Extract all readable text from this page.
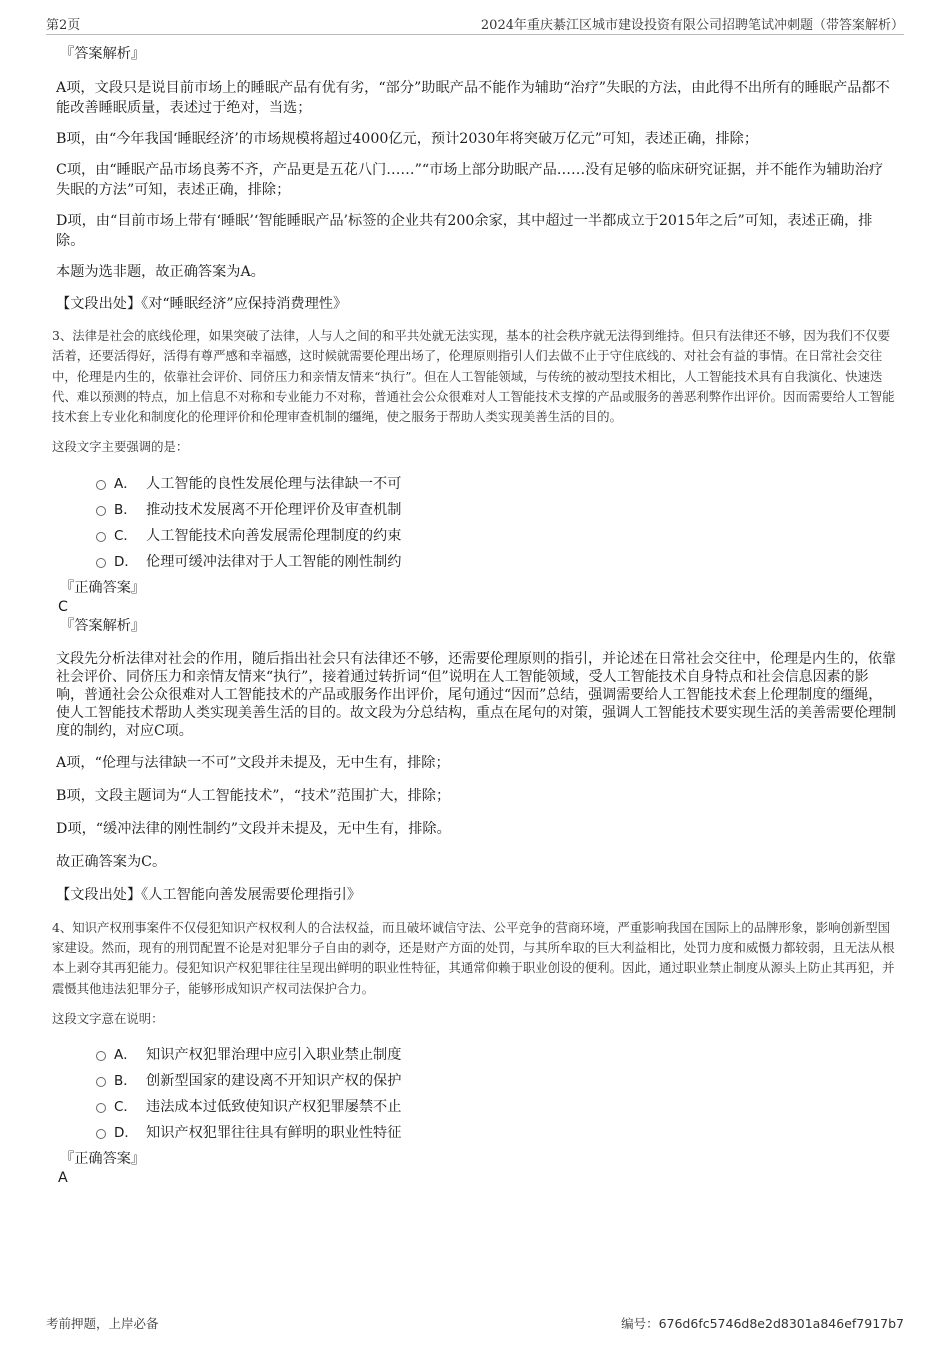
第2页	2024年重庆綦江区城市建设投资有限公司招聘笔试冲刺题（带答案解析）

『答案解析』

A项，文段只是说目前市场上的睡眠产品有优有劣，“部分”助眠产品不能作为辅助“治疗”失眠的方法，由此得不出所有的睡眠产品都不能改善睡眠质量，表述过于绝对，当选；

B项，由“今年我国‘睡眠经济’的市场规模将超过4000亿元，预计2030年将突破万亿元”可知，表述正确，排除；

C项，由“睡眠产品市场良莠不齐，产品更是五花八门……”“市场上部分助眠产品……没有足够的临床研究证据，并不能作为辅助治疗失眠的方法”可知，表述正确，排除；

D项，由“目前市场上带有‘睡眠’‘智能睡眠产品’标签的企业共有200余家，其中超过一半都成立于2015年之后”可知，表述正确，排除。

本题为选非题，故正确答案为A。

【文段出处】《对“睡眠经济”应保持消费理性》

3、法律是社会的底线伦理，如果突破了法律，人与人之间的和平共处就无法实现，基本的社会秩序就无法得到维持。但只有法律还不够，因为我们不仅要活着，还要活得好，活得有尊严感和幸福感，这时候就需要伦理出场了，伦理原则指引人们去做不止于守住底线的、对社会有益的事情。在日常社会交往中，伦理是内生的，依靠社会评价、同侪压力和亲情友情来“执行”。但在人工智能领域，与传统的被动型技术相比，人工智能技术具有自我演化、快速迭代、难以预测的特点，加上信息不对称和专业能力不对称，普通社会公众很难对人工智能技术支撑的产品或服务的善恶利弊作出评价。因而需要给人工智能技术套上专业化和制度化的伦理评价和伦理审查机制的缰绳，使之服务于帮助人类实现美善生活的目的。

这段文字主要强调的是：

A． 人工智能的良性发展伦理与法律缺一不可
B． 推动技术发展离不开伦理评价及审查机制
C． 人工智能技术向善发展需伦理制度的约束
D． 伦理可缓冲法律对于人工智能的刚性制约

『正确答案』

C

『答案解析』

文段先分析法律对社会的作用，随后指出社会只有法律还不够，还需要伦理原则的指引，并论述在日常社会交往中，伦理是内生的，依靠社会评价、同侪压力和亲情友情来“执行”，接着通过转折词“但”说明在人工智能领域，受人工智能技术自身特点和社会信息因素的影响，普通社会公众很难对人工智能技术的产品或服务作出评价，尾句通过“因而”总结，强调需要给人工智能技术套上伦理制度的缰绳，使人工智能技术帮助人类实现美善生活的目的。故文段为分总结构，重点在尾句的对策，强调人工智能技术要实现生活的美善需要伦理制度的制约，对应C项。

A项，“伦理与法律缺一不可”文段并未提及，无中生有，排除；

B项，文段主题词为“人工智能技术”，“技术”范围扩大，排除；

D项，“缓冲法律的刚性制约”文段并未提及，无中生有，排除。

故正确答案为C。

【文段出处】《人工智能向善发展需要伦理指引》

4、知识产权刑事案件不仅侵犯知识产权权利人的合法权益，而且破坏诚信守法、公平竞争的营商环境，严重影响我国在国际上的品牌形象，影响创新型国家建设。然而，现有的刑罚配置不论是对犯罪分子自由的剥夺，还是财产方面的处罚，与其所牟取的巨大利益相比，处罚力度和威慑力都较弱，且无法从根本上剥夺其再犯能力。侵犯知识产权犯罪往往呈现出鲜明的职业性特征，其通常仰赖于职业创设的便利。因此，通过职业禁止制度从源头上防止其再犯，并震慑其他违法犯罪分子，能够形成知识产权司法保护合力。

这段文字意在说明：

A． 知识产权犯罪治理中应引入职业禁止制度
B． 创新型国家的建设离不开知识产权的保护
C． 违法成本过低致使知识产权犯罪屡禁不止
D． 知识产权犯罪往往具有鲜明的职业性特征

『正确答案』

A

考前押题，上岸必备	编号：676d6fc5746d8e2d8301a846ef7917b7
